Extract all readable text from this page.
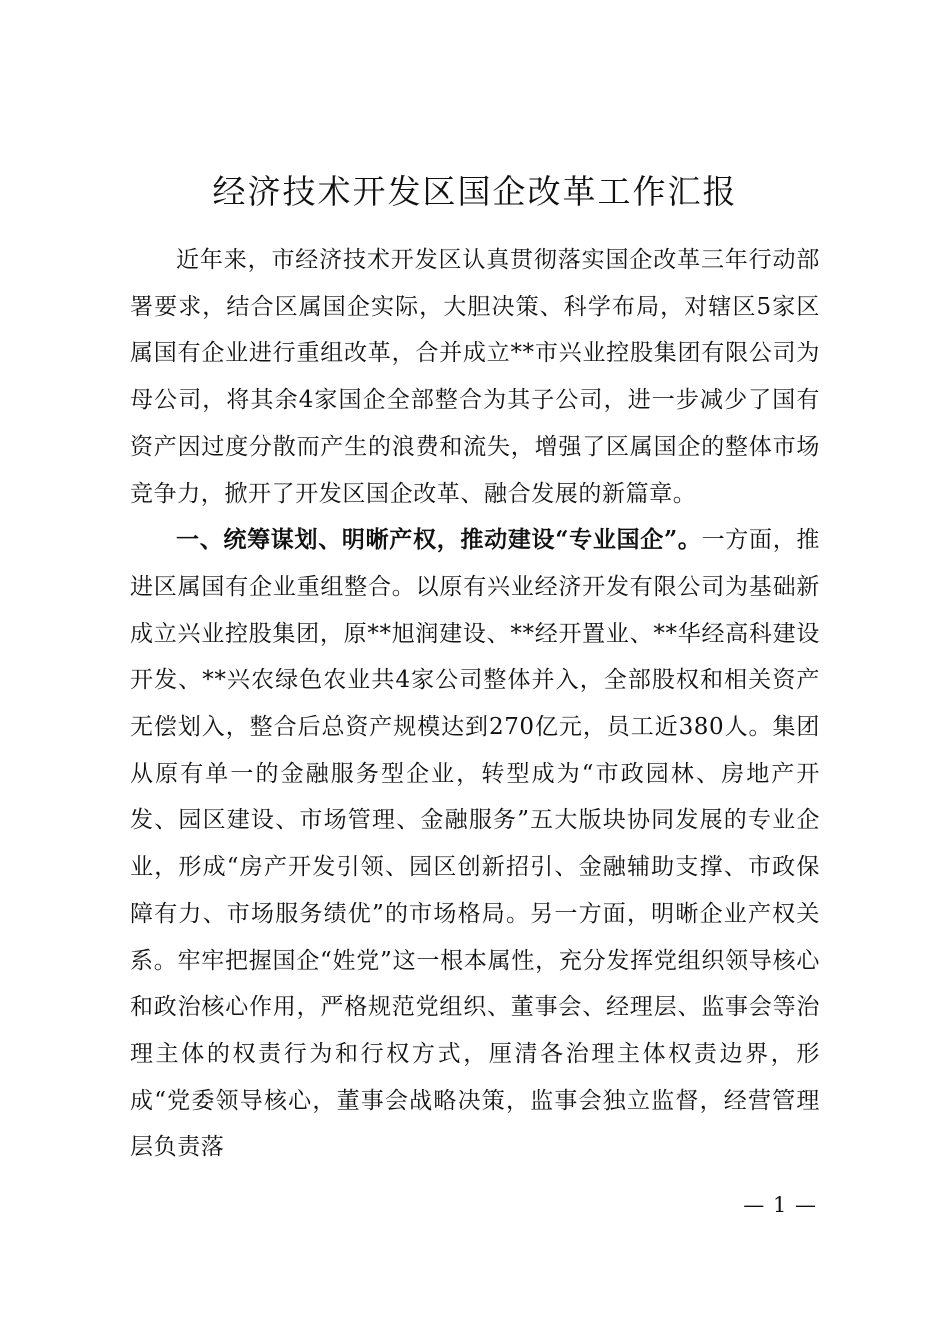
经济技术开发区国企改革工作汇报

近年来，市经济技术开发区认真贯彻落实国企改革三年行动部署要求，结合区属国企实际，大胆决策、科学布局，对辖区5家区属国有企业进行重组改革，合并成立**市兴业控股集团有限公司为母公司，将其余4家国企全部整合为其子公司，进一步减少了国有资产因过度分散而产生的浪费和流失，增强了区属国企的整体市场竞争力，掀开了开发区国企改革、融合发展的新篇章。

一、统筹谋划、明晰产权，推动建设“专业国企”。一方面，推进区属国有企业重组整合。以原有兴业经济开发有限公司为基础新成立兴业控股集团，原**旭润建设、**经开置业、**华经高科建设开发、**兴农绿色农业共4家公司整体并入，全部股权和相关资产无偿划入，整合后总资产规模达到270亿元，员工近380人。集团从原有单一的金融服务型企业，转型成为“市政园林、房地产开发、园区建设、市场管理、金融服务”五大版块协同发展的专业企业，形成“房产开发引领、园区创新招引、金融辅助支撑、市政保障有力、市场服务绩优”的市场格局。另一方面，明晰企业产权关系。牢牢把握国企“姓党”这一根本属性，充分发挥党组织领导核心和政治核心作用，严格规范党组织、董事会、经理层、监事会等治理主体的权责行为和行权方式，厘清各治理主体权责边界，形成“党委领导核心，董事会战略决策，监事会独立监督，经营管理层负责落

— 1 —
